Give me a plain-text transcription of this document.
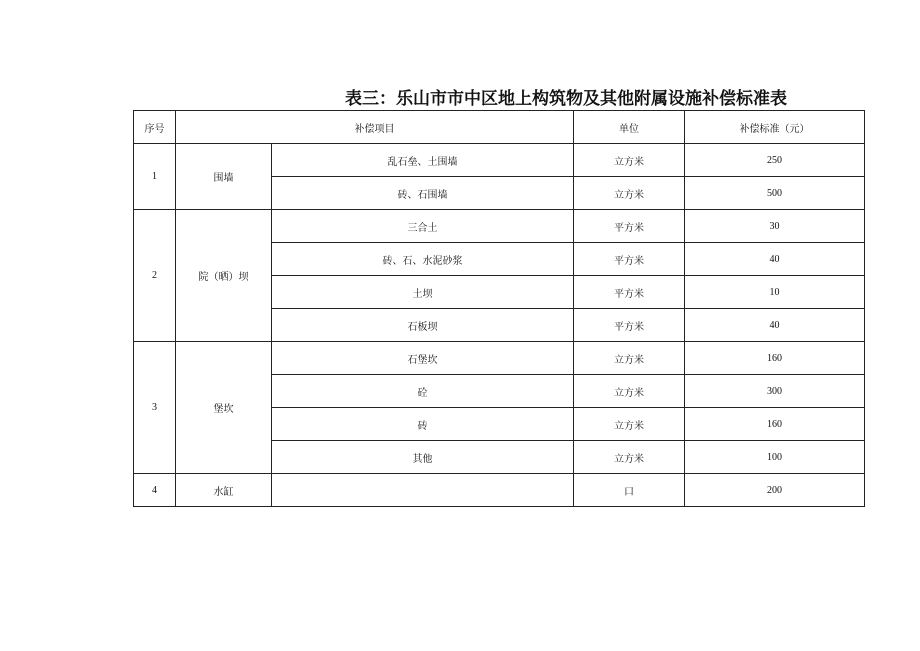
表三：乐山市市中区地上构筑物及其他附属设施补偿标准表
序号	补偿项目		单位	补偿标准（元）
1	围墙	乱石垒、土围墙	立方米	250
		砖、石围墙	立方米	500
2	院（晒）坝	三合土	平方米	30
		砖、石、水泥砂浆	平方米	40
		土坝	平方米	10
		石板坝	平方米	40
3	堡坎	石堡坎	立方米	160
		砼	立方米	300
		砖	立方米	160
		其他	立方米	100
4	水缸		口	200
